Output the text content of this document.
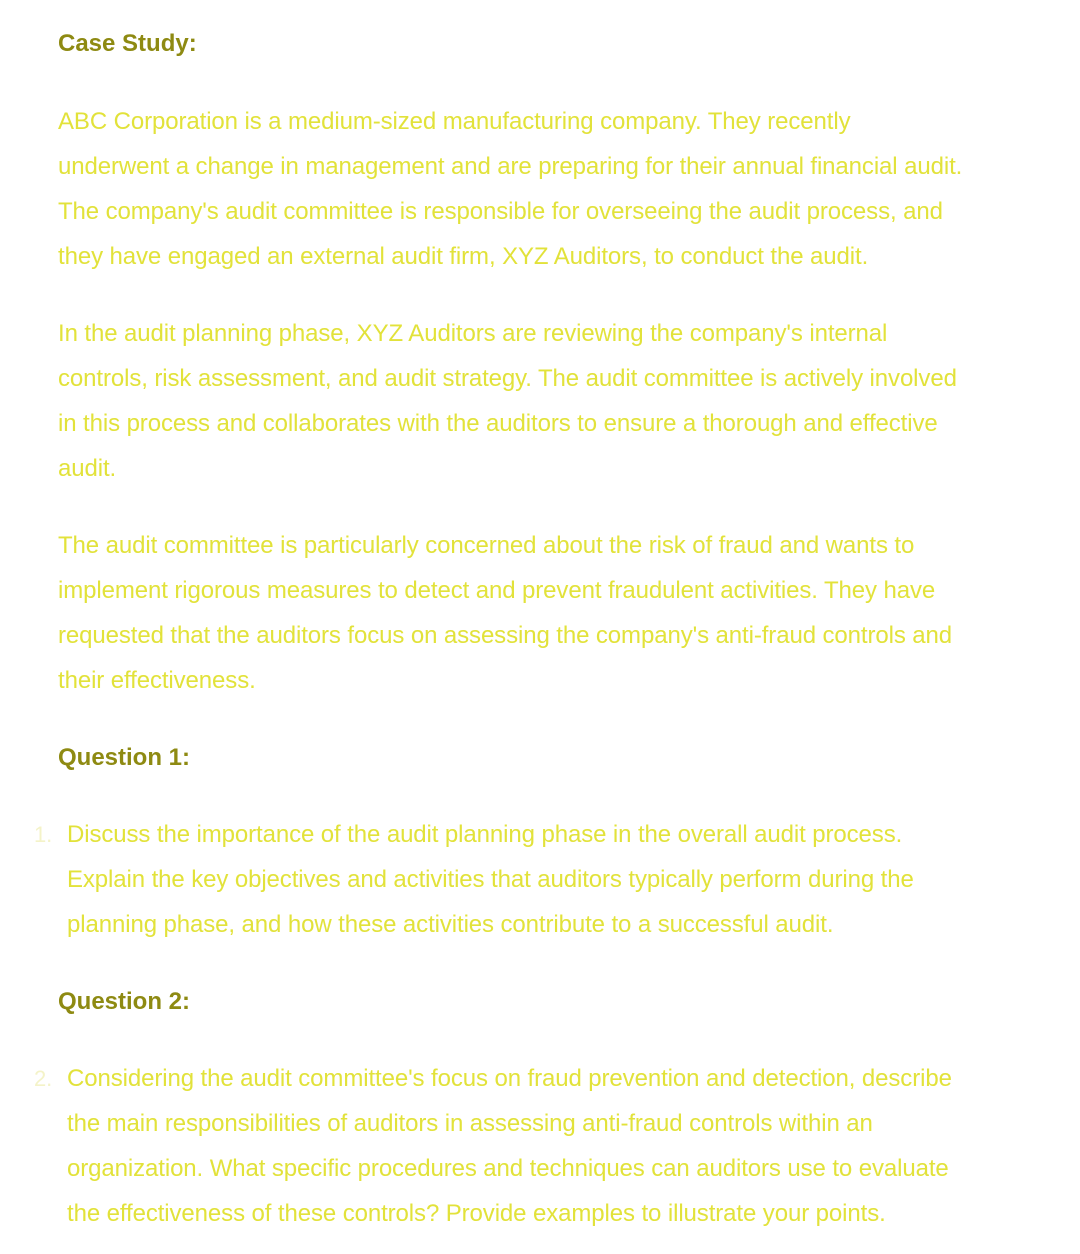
Case Study:

ABC Corporation is a medium-sized manufacturing company. They recently
underwent a change in management and are preparing for their annual financial audit.
The company's audit committee is responsible for overseeing the audit process, and
they have engaged an external audit firm, XYZ Auditors, to conduct the audit.

In the audit planning phase, XYZ Auditors are reviewing the company's internal
controls, risk assessment, and audit strategy. The audit committee is actively involved
in this process and collaborates with the auditors to ensure a thorough and effective
audit.

The audit committee is particularly concerned about the risk of fraud and wants to
implement rigorous measures to detect and prevent fraudulent activities. They have
requested that the auditors focus on assessing the company's anti-fraud controls and
their effectiveness.

Question 1:
1. Discuss the importance of the audit planning phase in the overall audit process.
Explain the key objectives and activities that auditors typically perform during the
planning phase, and how these activities contribute to a successful audit.
Question 2:
2. Considering the audit committee's focus on fraud prevention and detection, describe
the main responsibilities of auditors in assessing anti-fraud controls within an
organization. What specific procedures and techniques can auditors use to evaluate
the effectiveness of these controls? Provide examples to illustrate your points.
